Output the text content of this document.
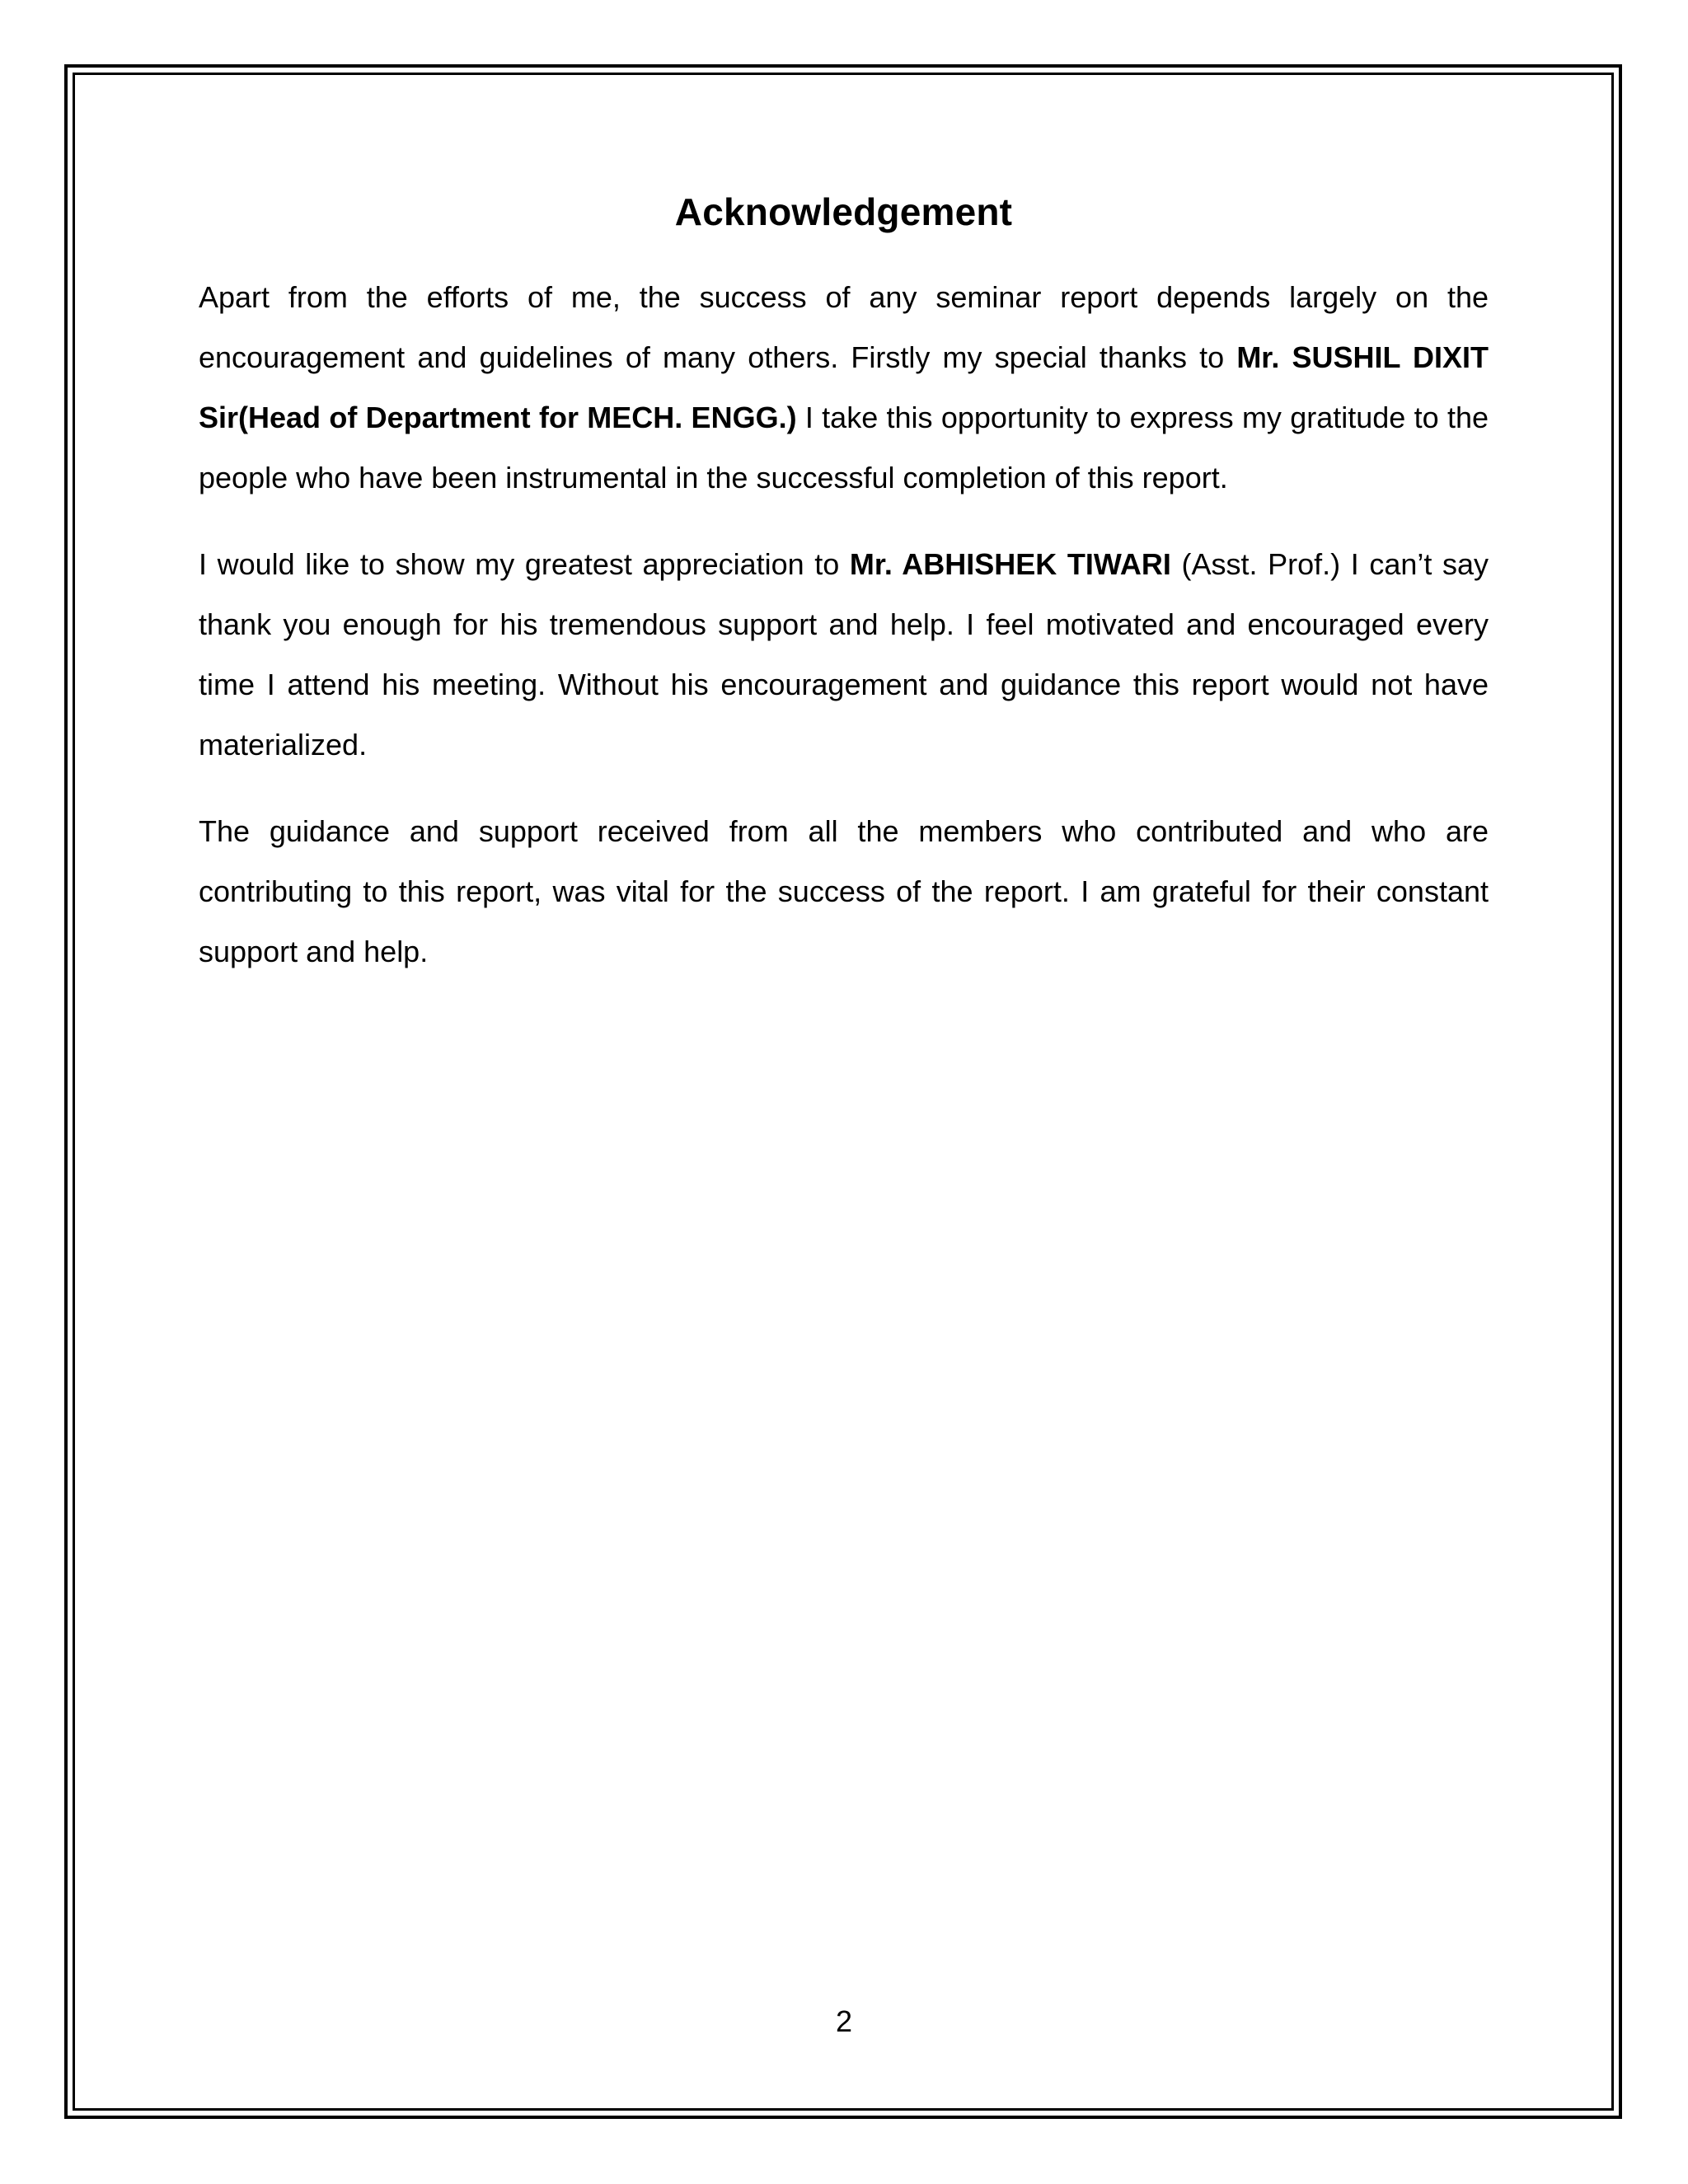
Acknowledgement

Apart from the efforts of me, the success of any seminar report depends largely on the encouragement and guidelines of many others. Firstly my special thanks to Mr. SUSHIL DIXIT Sir(Head of Department for MECH. ENGG.) I take this opportunity to express my gratitude to the people who have been instrumental in the successful completion of this report.

I would like to show my greatest appreciation to Mr. ABHISHEK TIWARI (Asst. Prof.) I can’t say thank you enough for his tremendous support and help. I feel motivated and encouraged every time I attend his meeting. Without his encouragement and guidance this report would not have materialized.

The guidance and support received from all the members who contributed and who are contributing to this report, was vital for the success of the report. I am grateful for their constant support and help.

2
